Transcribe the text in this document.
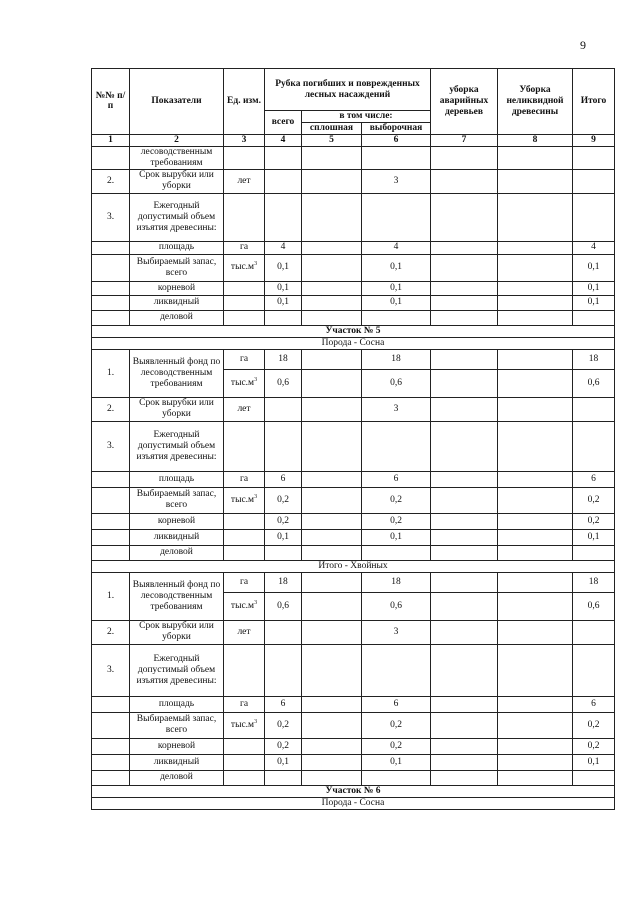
9
№№ п/п	Показатели	Ед. изм.	Рубка погибших и поврежденных лесных насаждений			уборка аварийных деревьев	Уборка неликвидной древесины	Итого
			всего	в том числе:				
				сплошная	выборочная			
1	2	3	4	5	6	7	8	9
	лесоводственным требованиям							
2.	Срок вырубки или уборки	лет			3			
3.	Ежегодный допустимый объем изъятия древесины:							
	площадь	га	4		4			4
	Выбираемый запас, всего	$тыс.м^3$	0,1		0,1			0,1
	корневой		0,1		0,1			0,1
	ликвидный		0,1		0,1			0,1
	деловой							
Участок № 5								
Порода - Сосна								
1.	Выявленный фонд по лесоводственным требованиям	га	18		18			18
		$тыс.м^3$	0,6		0,6			0,6
2.	Срок вырубки или уборки	лет			3			
3.	Ежегодный допустимый объем изъятия древесины:							
	площадь	га	6		6			6
	Выбираемый запас, всего	$тыс.м^3$	0,2		0,2			0,2
	корневой		0,2		0,2			0,2
	ликвидный		0,1		0,1			0,1
	деловой							
Итого - Хвойных								
1.	Выявленный фонд по лесоводственным требованиям	га	18		18			18
		$тыс.м^3$	0,6		0,6			0,6
2.	Срок вырубки или уборки	лет			3			
3.	Ежегодный допустимый объем изъятия древесины:							
	площадь	га	6		6			6
	Выбираемый запас, всего	$тыс.м^3$	0,2		0,2			0,2
	корневой		0,2		0,2			0,2
	ликвидный		0,1		0,1			0,1
	деловой							
Участок № 6								
Порода - Сосна								
